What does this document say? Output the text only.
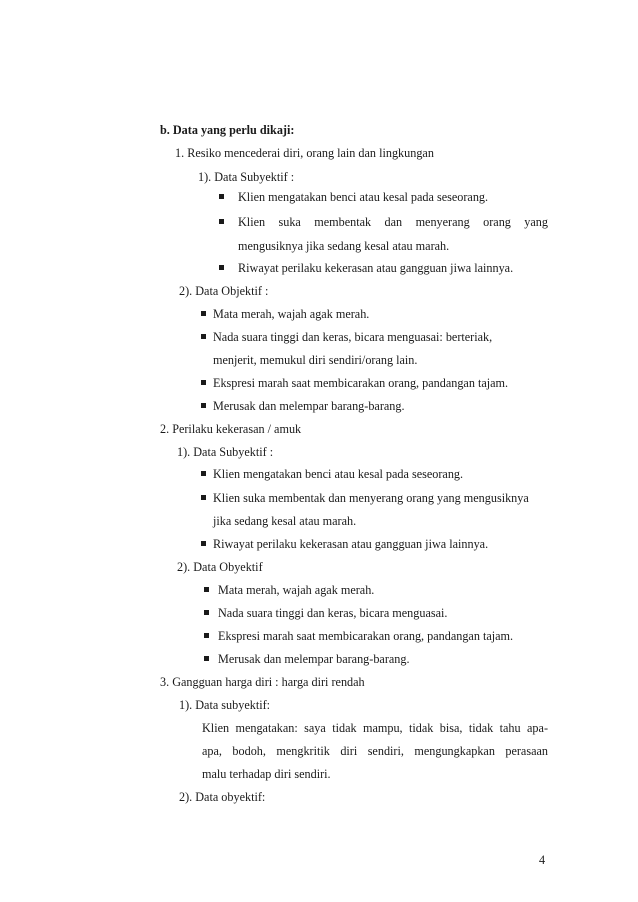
b. Data yang perlu dikaji:
1. Resiko mencederai diri, orang lain dan lingkungan
1). Data Subyektif :
Klien mengatakan benci atau kesal pada seseorang.
Klien suka membentak dan menyerang orang yang
mengusiknya jika sedang kesal atau marah.
Riwayat perilaku kekerasan atau gangguan jiwa lainnya.
2). Data Objektif :
Mata merah, wajah agak merah.
Nada suara tinggi dan keras, bicara menguasai: berteriak,
menjerit, memukul diri sendiri/orang lain.
Ekspresi marah saat membicarakan orang, pandangan tajam.
Merusak dan melempar barang-barang.
2. Perilaku kekerasan / amuk
1). Data Subyektif :
Klien mengatakan benci atau kesal pada seseorang.
Klien suka membentak dan menyerang orang yang mengusiknya
jika sedang kesal atau marah.
Riwayat perilaku kekerasan atau gangguan jiwa lainnya.
2). Data Obyektif
Mata merah, wajah agak merah.
Nada suara tinggi dan keras, bicara menguasai.
Ekspresi marah saat membicarakan orang, pandangan tajam.
Merusak dan melempar barang-barang.
3. Gangguan harga diri : harga diri rendah
1). Data subyektif:
Klien mengatakan: saya tidak mampu, tidak bisa, tidak tahu apa-
apa, bodoh, mengkritik diri sendiri, mengungkapkan perasaan
malu terhadap diri sendiri.
2). Data obyektif:
4
